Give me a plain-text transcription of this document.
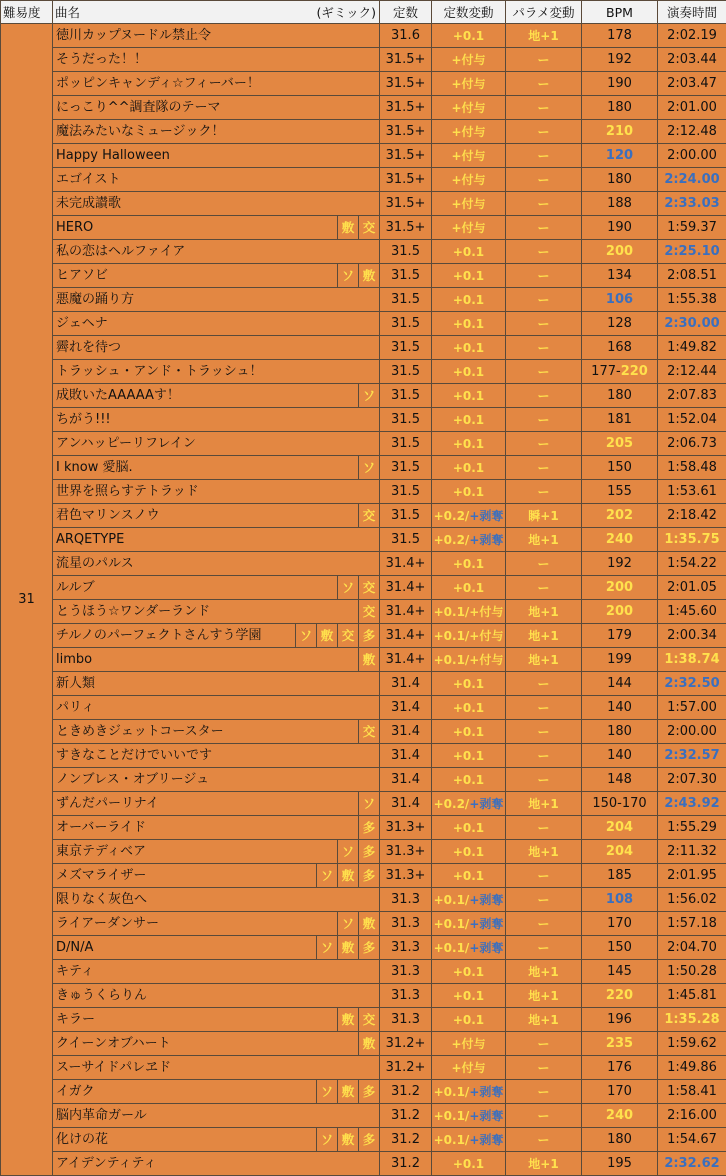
難易度	曲名 (ギミック)	定数	定数変動	パラメ変動	BPM	演奏時間
31	徳川カップヌードル禁止令	31.6	+0.1	地+1	178	2:02.19

	そうだった！！	31.5+	+付与	ー	192	2:03.44

	ポッピンキャンディ☆フィーバー！	31.5+	+付与	ー	190	2:03.47

	にっこり^^調査隊のテーマ	31.5+	+付与	ー	180	2:01.00

	魔法みたいなミュージック！	31.5+	+付与	ー	210	2:12.48

	Happy Halloween	31.5+	+付与	ー	120	2:00.00

	エゴイスト	31.5+	+付与	ー	180	2:24.00

	未完成讃歌	31.5+	+付与	ー	188	2:33.03

	HERO 敷 交	31.5+	+付与	ー	190	1:59.37

	私の恋はヘルファイア	31.5	+0.1	ー	200	2:25.10

	ヒアソビ ソ 敷	31.5	+0.1	ー	134	2:08.51

	悪魔の踊り方	31.5	+0.1	ー	106	1:55.38

	ジェヘナ	31.5	+0.1	ー	128	2:30.00

	霽れを待つ	31.5	+0.1	ー	168	1:49.82

	トラッシュ・アンド・トラッシュ！	31.5	+0.1	ー	177-220	2:12.44

	成敗いたAAAAAす！ ソ	31.5	+0.1	ー	180	2:07.83

	ちがう!!!	31.5	+0.1	ー	181	1:52.04

	アンハッピーリフレイン	31.5	+0.1	ー	205	2:06.73

	I know 愛脳. ソ	31.5	+0.1	ー	150	1:58.48

	世界を照らすテトラッド	31.5	+0.1	ー	155	1:53.61

	君色マリンスノウ 交	31.5	+0.2/+剥奪	瞬+1	202	2:18.42

	ARQETYPE	31.5	+0.2/+剥奪	地+1	240	1:35.75

	流星のパルス	31.4+	+0.1	ー	192	1:54.22

	ルルブ ソ 交	31.4+	+0.1	ー	200	2:01.05

	とうほう☆ワンダーランド 交	31.4+	+0.1/+付与	地+1	200	1:45.60

	チルノのパーフェクトさんすう学園 ソ 敷 交 多	31.4+	+0.1/+付与	地+1	179	2:00.34

	limbo 敷	31.4+	+0.1/+付与	地+1	199	1:38.74

	新人類	31.4	+0.1	ー	144	2:32.50

	パリィ	31.4	+0.1	ー	140	1:57.00

	ときめきジェットコースター 交	31.4	+0.1	ー	180	2:00.00

	すきなことだけでいいです	31.4	+0.1	ー	140	2:32.57

	ノンブレス・オブリージュ	31.4	+0.1	ー	148	2:07.30

	ずんだパーリナイ ソ	31.4	+0.2/+剥奪	地+1	150-170	2:43.92

	オーバーライド 多	31.3+	+0.1	ー	204	1:55.29

	東京テディベア ソ 多	31.3+	+0.1	地+1	204	2:11.32

	メズマライザー ソ 敷 多	31.3+	+0.1	ー	185	2:01.95

	限りなく灰色へ	31.3	+0.1/+剥奪	ー	108	1:56.02

	ライアーダンサー ソ 敷	31.3	+0.1/+剥奪	ー	170	1:57.18

	D/N/A ソ 敷 多	31.3	+0.1/+剥奪	ー	150	2:04.70

	キティ	31.3	+0.1	地+1	145	1:50.28

	きゅうくらりん	31.3	+0.1	地+1	220	1:45.81

	キラー 敷 交	31.3	+0.1	地+1	196	1:35.28

	クイーンオブハート 敷	31.2+	+付与	ー	235	1:59.62

	スーサイドパレヱド	31.2+	+付与	ー	176	1:49.86

	イガク ソ 敷 多	31.2	+0.1/+剥奪	ー	170	1:58.41

	脳内革命ガール	31.2	+0.1/+剥奪	ー	240	2:16.00

	化けの花 ソ 敷 多	31.2	+0.1/+剥奪	ー	180	1:54.67

	アイデンティティ	31.2	+0.1	地+1	195	2:32.62
